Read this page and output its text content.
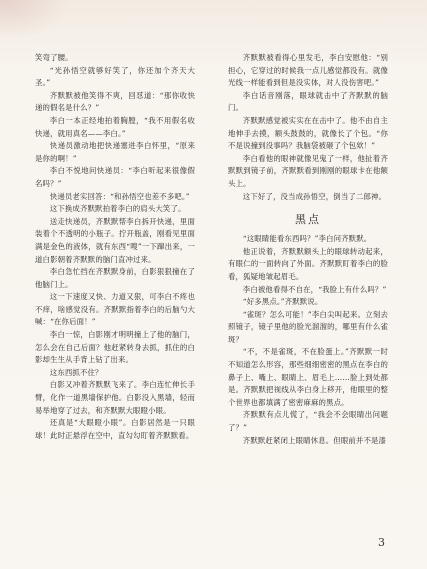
笑弯了腰。

“光孙悟空就够好笑了，你还加个齐天大圣。”

齐默默被他笑得不爽，回怼道：“那你收快递的假名是什么？”

李白一本正经地拍着胸膛，“我不用假名收快递，就用真名——李白。”

快递员激动地把快递塞进李白怀里，“原来是你的啊！”

李白不悦地问快递员：“李白听起来很像假名吗？”

快递员老实回答：“和孙悟空也差不多吧。”

这下换成齐默默拍着李白的肩头大笑了。

送走快递员，齐默默帮李白拆开快递，里面装着个不透明的小瓶子。拧开瓶盖，刚看见里面满是金色的液体，就有东西“嗖”一下蹿出来，一道白影朝着齐默默的脑门直冲过来。

李白急忙挡在齐默默身前，白影狠狠撞在了他脑门上。

这一下速度又快、力道又狠，可李白不疼也不痒，啥感觉没有。齐默默指着李白的后脑勺大喊：“在你后面！”

李白一惊，白影刚才明明撞上了他的脑门，怎么会在自己后面？他赶紧转身去抓，抓住的白影却生生从手背上钻了出来。

这东西抓不住？

白影又冲着齐默默飞来了。李白连忙伸长手臂，化作一道黑墙保护他。白影没入黑墙，轻而易举地穿了过去，和齐默默大眼瞪小眼。

还真是“大眼瞪小眼”。白影居然是一只眼球！此时正悬浮在空中，直勾勾盯着齐默默看。

齐默默被看得心里发毛，李白安慰他：“别担心，它穿过的时候我一点儿感觉都没有。就像光线一样能看到但是没实体，对人没伤害吧。”

李白话音刚落，眼球就击中了齐默默的脑门。

齐默默感觉被实实在在击中了。他不由自主地伸手去摸，额头鼓鼓的，就像长了个包。“你不是说撞到没事吗？我脑袋被砸了个包欸！”

李白看他的眼神就像见鬼了一样，他扯着齐默默到镜子前，齐默默看到刚刚的眼球卡在他额头上。

这下好了，没当成孙悟空，倒当了二郎神。

黑点

“这眼睛能看东西吗？”李白问齐默默。

他正说着，齐默默额头上的眼球转动起来，有眼仁的一面转向了外面。齐默默盯着李白的脸看，狐疑地皱起眉毛。

李白被他看得不自在，“我脸上有什么吗？”

“好多黑点。”齐默默说。

“雀斑？怎么可能！”李白尖叫起来。立刻去照镜子，镜子里他的脸光溜溜的，哪里有什么雀斑？

“不，不是雀斑，不在脸蛋上。”齐默默一时不知道怎么形容，那些细细密密的黑点在李白的鼻子上、嘴上、眼睛上、眉毛上……脸上到处都是。齐默默把视线从李白身上移开，他眼里的整个世界也都填满了密密麻麻的黑点。

齐默默有点儿慌了，“我会不会眼睛出问题了？”

齐默默赶紧闭上眼睛休息。但眼前并不是漆

3
